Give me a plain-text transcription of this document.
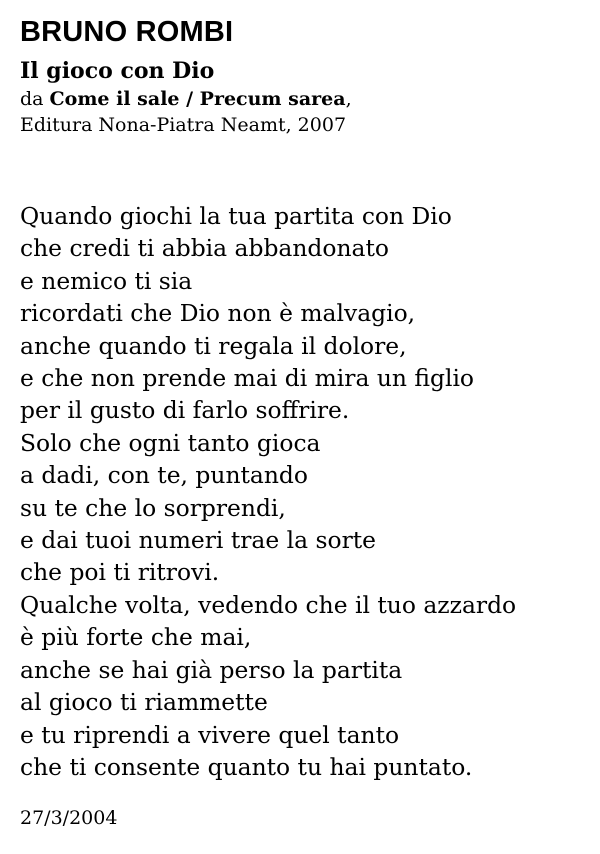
BRUNO ROMBI
Il gioco con Dio

da Come il sale / Precum sarea,

Editura Nona-Piatra Neamt, 2007

Quando giochi la tua partita con Dio
che credi ti abbia abbandonato
e nemico ti sia
ricordati che Dio non è malvagio,
anche quando ti regala il dolore,
e che non prende mai di mira un figlio
per il gusto di farlo soffrire.
Solo che ogni tanto gioca
a dadi, con te, puntando
su te che lo sorprendi,
e dai tuoi numeri trae la sorte
che poi ti ritrovi.
Qualche volta, vedendo che il tuo azzardo
è più forte che mai,
anche se hai già perso la partita
al gioco ti riammette
e tu riprendi a vivere quel tanto
che ti consente quanto tu hai puntato.

27/3/2004
